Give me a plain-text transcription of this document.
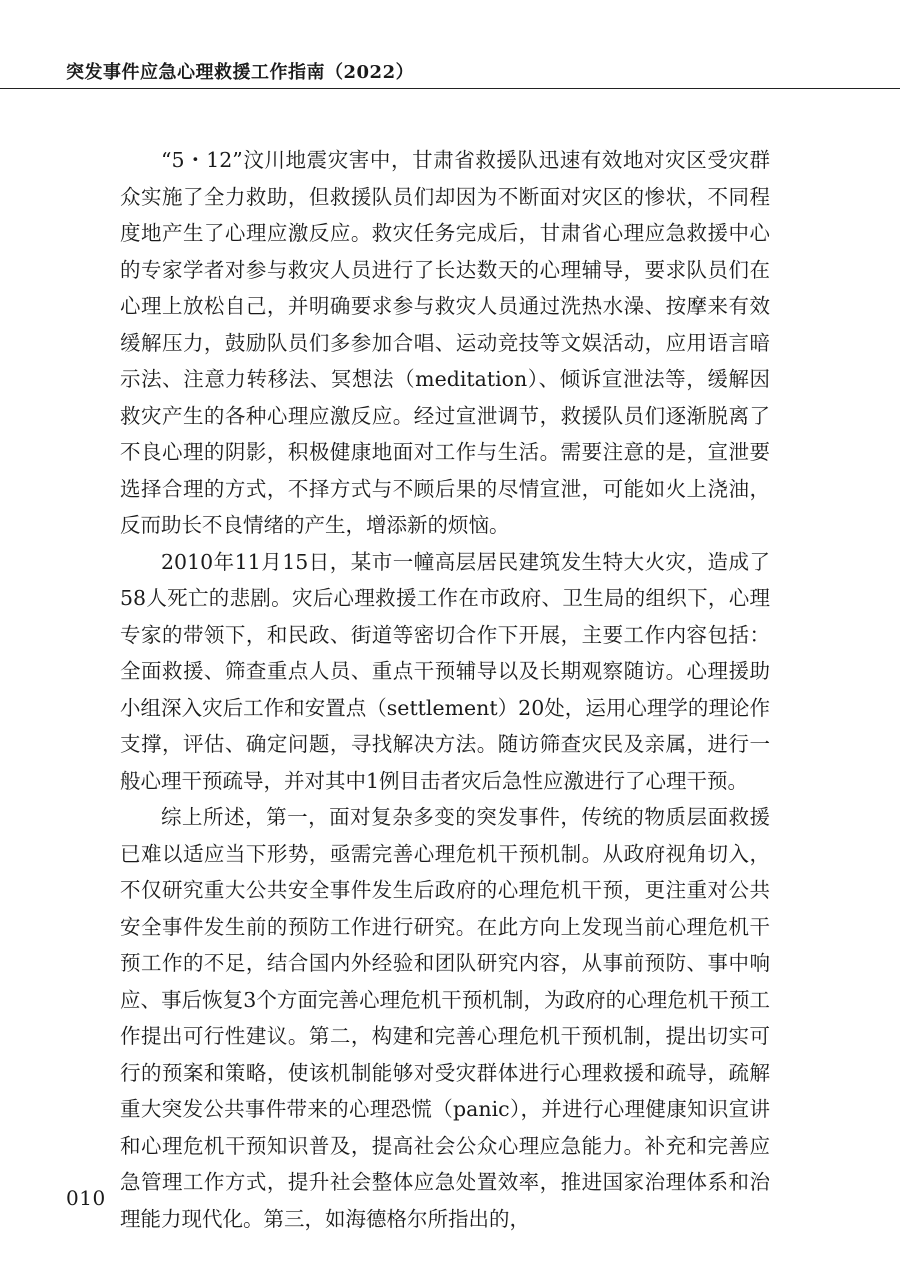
突发事件应急心理救援工作指南（2022）

“5・12”汶川地震灾害中，甘肃省救援队迅速有效地对灾区受灾群众实施了全力救助，但救援队员们却因为不断面对灾区的惨状，不同程度地产生了心理应激反应。救灾任务完成后，甘肃省心理应急救援中心的专家学者对参与救灾人员进行了长达数天的心理辅导，要求队员们在心理上放松自己，并明确要求参与救灾人员通过洗热水澡、按摩来有效缓解压力，鼓励队员们多参加合唱、运动竞技等文娱活动，应用语言暗示法、注意力转移法、冥想法（meditation）、倾诉宣泄法等，缓解因救灾产生的各种心理应激反应。经过宣泄调节，救援队员们逐渐脱离了不良心理的阴影，积极健康地面对工作与生活。需要注意的是，宣泄要选择合理的方式，不择方式与不顾后果的尽情宣泄，可能如火上浇油，反而助长不良情绪的产生，增添新的烦恼。

2010年11月15日，某市一幢高层居民建筑发生特大火灾，造成了58人死亡的悲剧。灾后心理救援工作在市政府、卫生局的组织下，心理专家的带领下，和民政、街道等密切合作下开展，主要工作内容包括：全面救援、筛查重点人员、重点干预辅导以及长期观察随访。心理援助小组深入灾后工作和安置点（settlement）20处，运用心理学的理论作支撑，评估、确定问题，寻找解决方法。随访筛查灾民及亲属，进行一般心理干预疏导，并对其中1例目击者灾后急性应激进行了心理干预。

综上所述，第一，面对复杂多变的突发事件，传统的物质层面救援已难以适应当下形势，亟需完善心理危机干预机制。从政府视角切入，不仅研究重大公共安全事件发生后政府的心理危机干预，更注重对公共安全事件发生前的预防工作进行研究。在此方向上发现当前心理危机干预工作的不足，结合国内外经验和团队研究内容，从事前预防、事中响应、事后恢复3个方面完善心理危机干预机制，为政府的心理危机干预工作提出可行性建议。第二，构建和完善心理危机干预机制，提出切实可行的预案和策略，使该机制能够对受灾群体进行心理救援和疏导，疏解重大突发公共事件带来的心理恐慌（panic），并进行心理健康知识宣讲和心理危机干预知识普及，提高社会公众心理应急能力。补充和完善应急管理工作方式，提升社会整体应急处置效率，推进国家治理体系和治理能力现代化。第三，如海德格尔所指出的，

010
